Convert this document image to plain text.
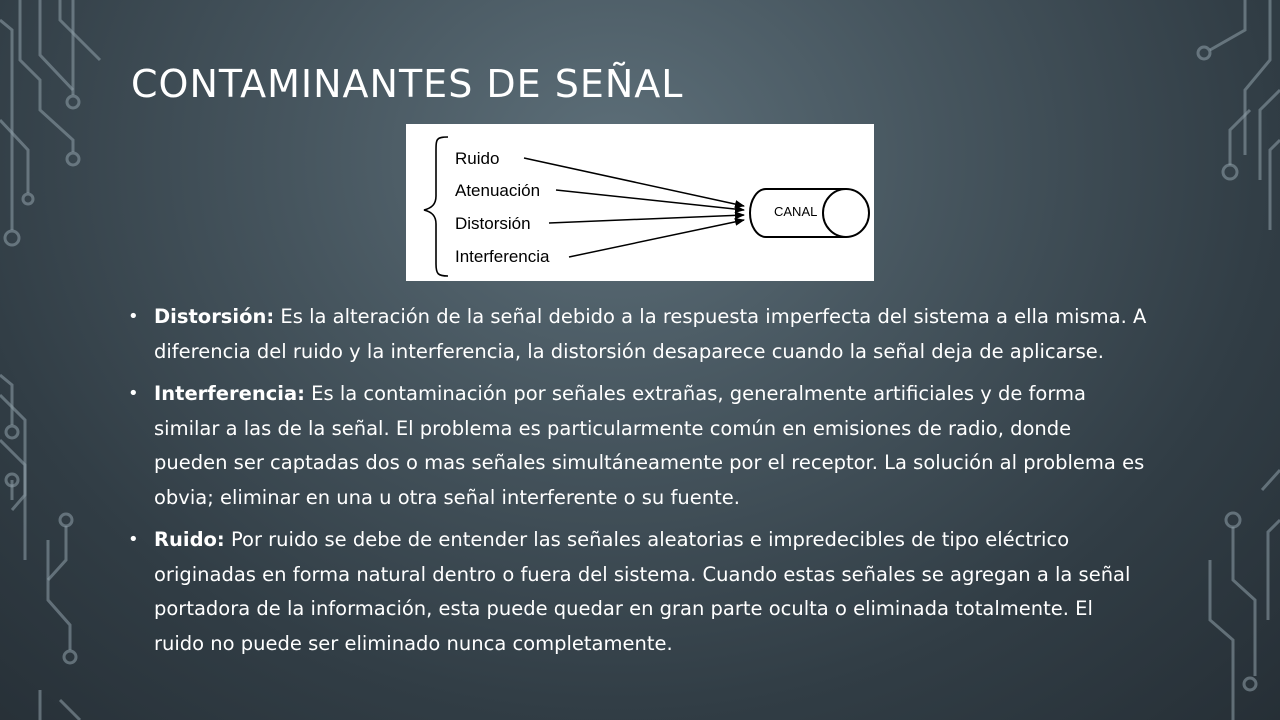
CONTAMINANTES DE SEÑAL
Ruido
Atenuación
Distorsión
Interferencia
CANAL
• Distorsión: Es la alteración de la señal debido a la respuesta imperfecta del sistema a ella misma. A diferencia del ruido y la interferencia, la distorsión desaparece cuando la señal deja de aplicarse.
• Interferencia: Es la contaminación por señales extrañas, generalmente artificiales y de forma similar a las de la señal. El problema es particularmente común en emisiones de radio, donde pueden ser captadas dos o mas señales simultáneamente por el receptor. La solución al problema es obvia; eliminar en una u otra señal interferente o su fuente.
• Ruido: Por ruido se debe de entender las señales aleatorias e impredecibles de tipo eléctrico originadas en forma natural dentro o fuera del sistema. Cuando estas señales se agregan a la señal portadora de la información, esta puede quedar en gran parte oculta o eliminada totalmente. El ruido no puede ser eliminado nunca completamente.
